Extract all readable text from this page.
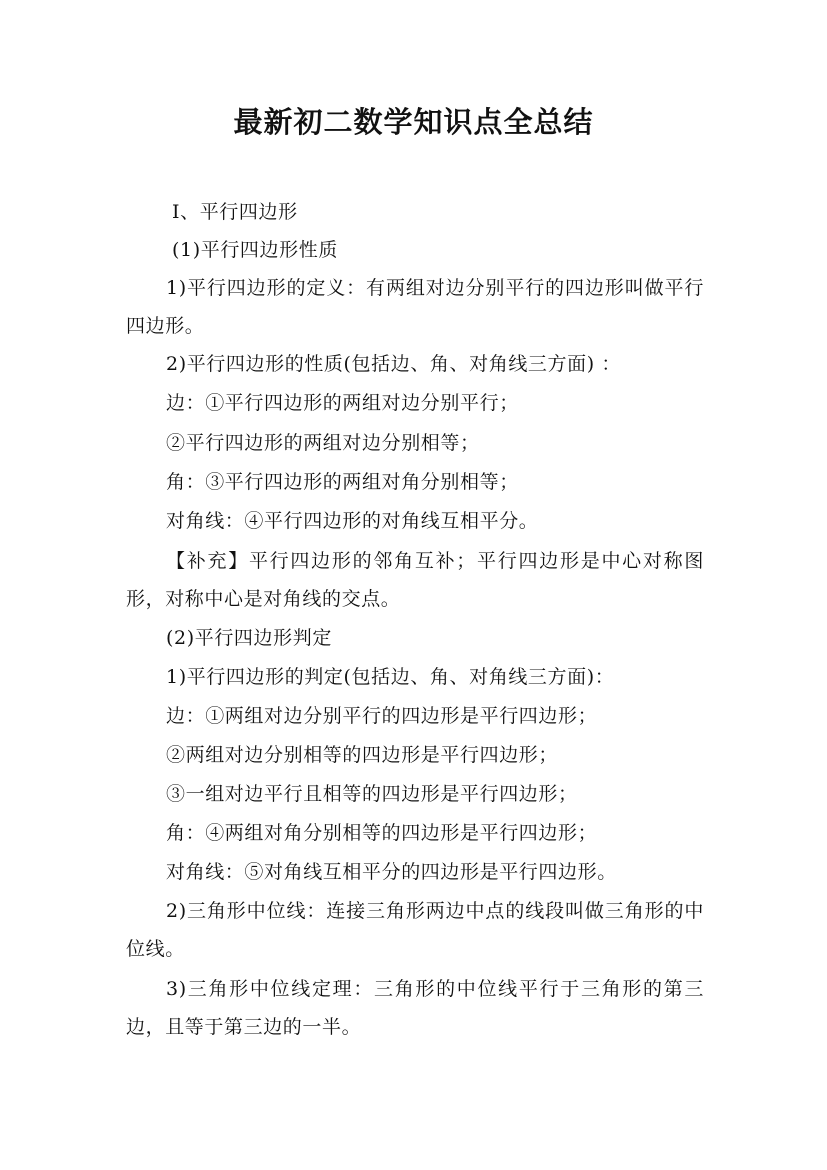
最新初二数学知识点全总结
Ⅰ、平行四边形
(1)平行四边形性质
1)平行四边形的定义：有两组对边分别平行的四边形叫做平行四边形。
2)平行四边形的性质(包括边、角、对角线三方面) ：
边：①平行四边形的两组对边分别平行；
②平行四边形的两组对边分别相等；
角：③平行四边形的两组对角分别相等；
对角线：④平行四边形的对角线互相平分。
【补充】平行四边形的邻角互补；平行四边形是中心对称图形，对称中心是对角线的交点。
(2)平行四边形判定
1)平行四边形的判定(包括边、角、对角线三方面)：
边：①两组对边分别平行的四边形是平行四边形；
②两组对边分别相等的四边形是平行四边形；
③一组对边平行且相等的四边形是平行四边形；
角：④两组对角分别相等的四边形是平行四边形；
对角线：⑤对角线互相平分的四边形是平行四边形。
2)三角形中位线：连接三角形两边中点的线段叫做三角形的中位线。
3)三角形中位线定理：三角形的中位线平行于三角形的第三边，且等于第三边的一半。
